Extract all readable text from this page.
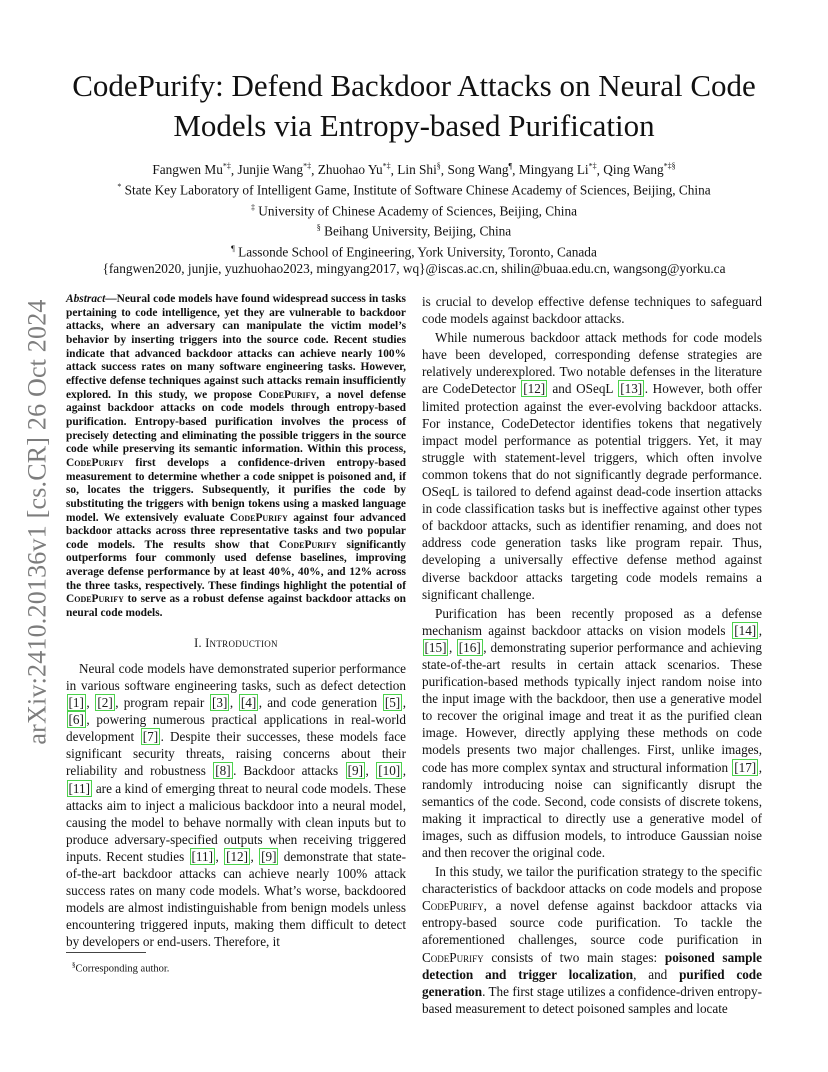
arXiv:2410.20136v1 [cs.CR] 26 Oct 2024
CodePurify: Defend Backdoor Attacks on Neural Code Models via Entropy-based Purification
Fangwen Mu*‡, Junjie Wang*‡, Zhuohao Yu*‡, Lin Shi§, Song Wang¶, Mingyang Li*‡, Qing Wang*‡§
* State Key Laboratory of Intelligent Game, Institute of Software Chinese Academy of Sciences, Beijing, China
‡ University of Chinese Academy of Sciences, Beijing, China
§ Beihang University, Beijing, China
¶ Lassonde School of Engineering, York University, Toronto, Canada
{fangwen2020, junjie, yuzhuohao2023, mingyang2017, wq}@iscas.ac.cn, shilin@buaa.edu.cn, wangsong@yorku.ca

Abstract—Neural code models have found widespread success in tasks pertaining to code intelligence, yet they are vulnerable to backdoor attacks, where an adversary can manipulate the victim model’s behavior by inserting triggers into the source code. Recent studies indicate that advanced backdoor attacks can achieve nearly 100% attack success rates on many software engineering tasks. However, effective defense techniques against such attacks remain insufficiently explored. In this study, we propose CodePurify, a novel defense against backdoor attacks on code models through entropy-based purification. Entropy-based purification involves the process of precisely detecting and eliminating the possible triggers in the source code while preserving its semantic information. Within this process, CodePurify first develops a confidence-driven entropy-based measurement to determine whether a code snippet is poisoned and, if so, locates the triggers. Subsequently, it purifies the code by substituting the triggers with benign tokens using a masked language model. We extensively evaluate CodePurify against four advanced backdoor attacks across three representative tasks and two popular code models. The results show that CodePurify significantly outperforms four commonly used defense baselines, improving average defense performance by at least 40%, 40%, and 12% across the three tasks, respectively. These findings highlight the potential of CodePurify to serve as a robust defense against backdoor attacks on neural code models.

I. Introduction

Neural code models have demonstrated superior performance in various software engineering tasks, such as defect detection [1] , [2] , program repair [3] , [4] , and code generation [5] , [6] , powering numerous practical applications in real-world development [7] . Despite their successes, these models face significant security threats, raising concerns about their reliability and robustness [8] . Backdoor attacks [9] , [10] , [11] are a kind of emerging threat to neural code models. These attacks aim to inject a malicious backdoor into a neural model, causing the model to behave normally with clean inputs but to produce adversary-specified outputs when receiving triggered inputs. Recent studies [11] , [12] , [9] demonstrate that state-of-the-art backdoor attacks can achieve nearly 100% attack success rates on many code models. What’s worse, backdoored models are almost indistinguishable from benign models unless encountering triggered inputs, making them difficult to detect by developers or end-users. Therefore, it

is crucial to develop effective defense techniques to safeguard code models against backdoor attacks.

While numerous backdoor attack methods for code models have been developed, corresponding defense strategies are relatively underexplored. Two notable defenses in the literature are CodeDetector [12] and OSeqL [13] . However, both offer limited protection against the ever-evolving backdoor attacks. For instance, CodeDetector identifies tokens that negatively impact model performance as potential triggers. Yet, it may struggle with statement-level triggers, which often involve common tokens that do not significantly degrade performance. OSeqL is tailored to defend against dead-code insertion attacks in code classification tasks but is ineffective against other types of backdoor attacks, such as identifier renaming, and does not address code generation tasks like program repair. Thus, developing a universally effective defense method against diverse backdoor attacks targeting code models remains a significant challenge.

Purification has been recently proposed as a defense mechanism against backdoor attacks on vision models [14] , [15] , [16] , demonstrating superior performance and achieving state-of-the-art results in certain attack scenarios. These purification-based methods typically inject random noise into the input image with the backdoor, then use a generative model to recover the original image and treat it as the purified clean image. However, directly applying these methods on code models presents two major challenges. First, unlike images, code has more complex syntax and structural information [17] , randomly introducing noise can significantly disrupt the semantics of the code. Second, code consists of discrete tokens, making it impractical to directly use a generative model of images, such as diffusion models, to introduce Gaussian noise and then recover the original code.

In this study, we tailor the purification strategy to the specific characteristics of backdoor attacks on code models and propose CodePurify, a novel defense against backdoor attacks via entropy-based source code purification. To tackle the aforementioned challenges, source code purification in CodePurify consists of two main stages: poisoned sample detection and trigger localization, and purified code generation. The first stage utilizes a confidence-driven entropy-based measurement to detect poisoned samples and locate

§Corresponding author.
